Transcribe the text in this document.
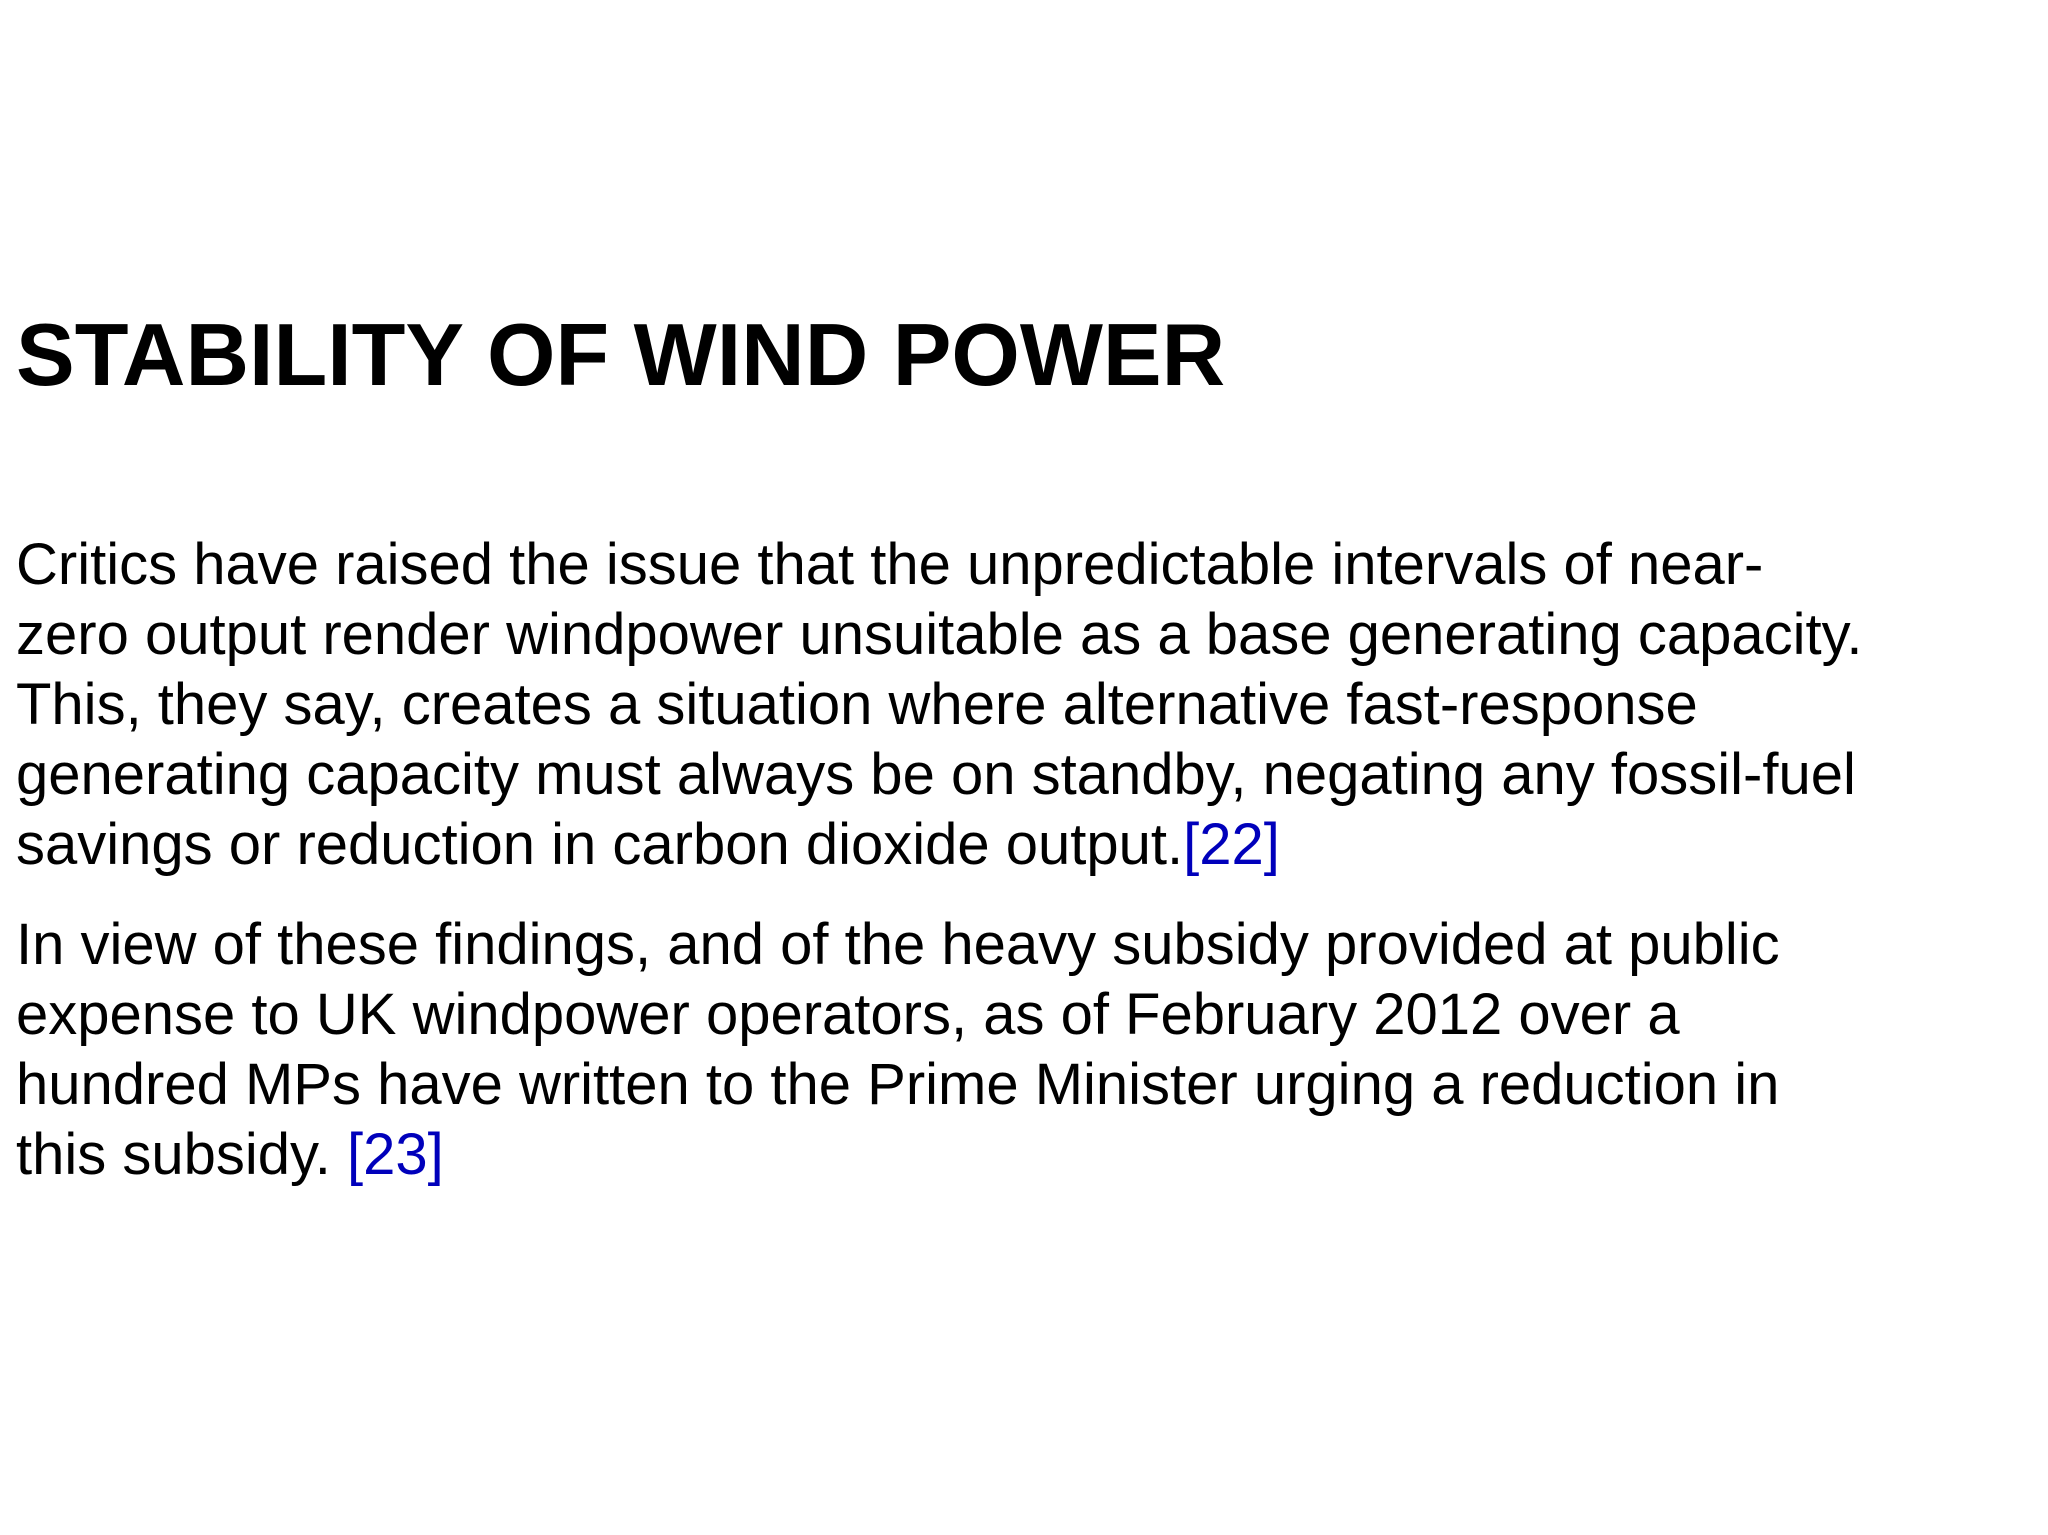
STABILITY OF WIND POWER

Critics have raised the issue that the unpredictable intervals of near-
zero output render windpower unsuitable as a base generating capacity.
This, they say, creates a situation where alternative fast-response
generating capacity must always be on standby, negating any fossil-fuel
savings or reduction in carbon dioxide output.[22]

In view of these findings, and of the heavy subsidy provided at public
expense to UK windpower operators, as of February 2012 over a
hundred MPs have written to the Prime Minister urging a reduction in
this subsidy. [23]
